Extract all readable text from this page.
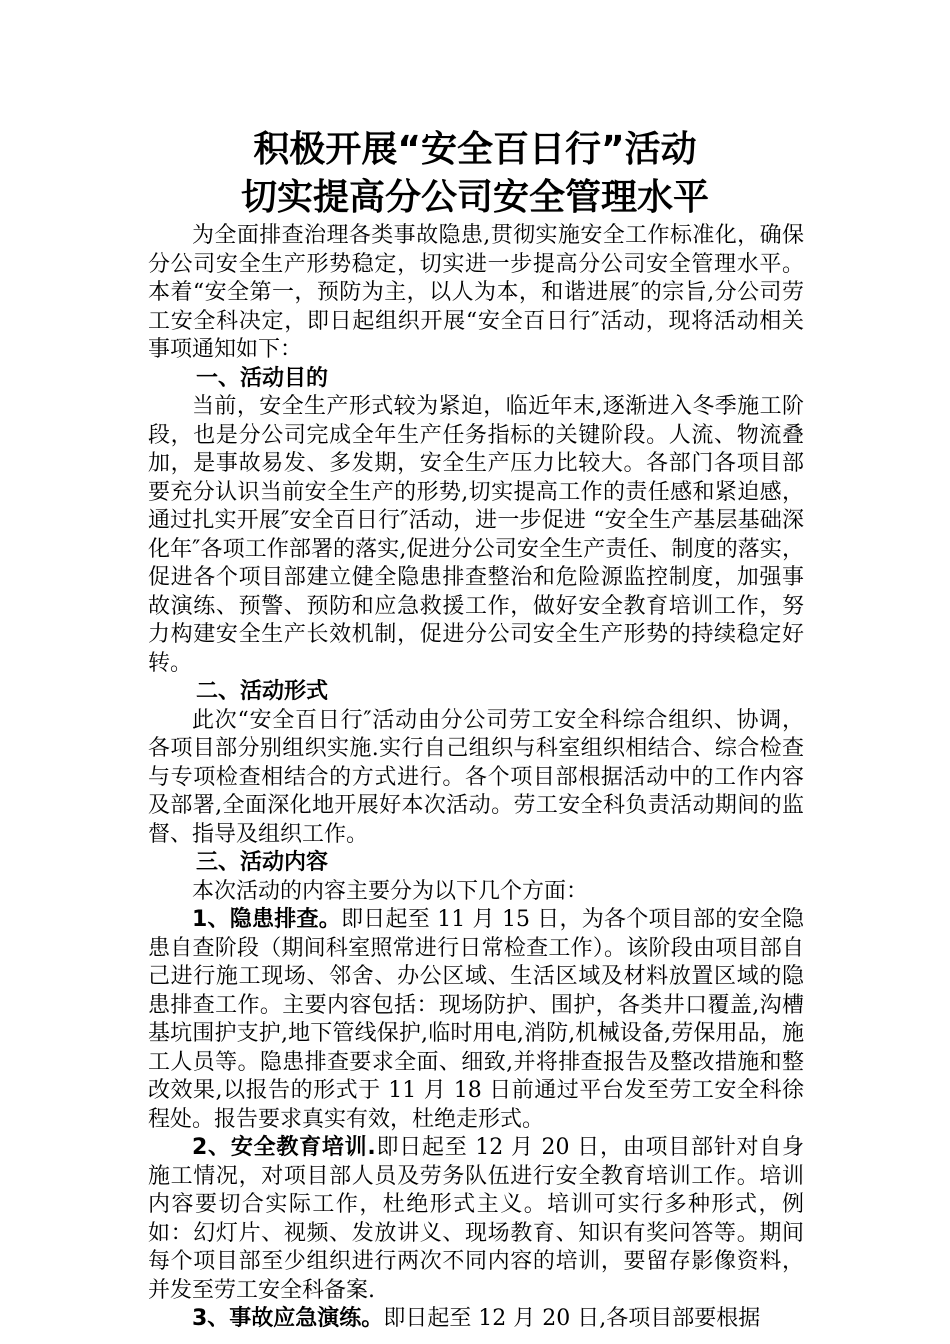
积极开展“安全百日行”活动
切实提高分公司安全管理水平

为全面排查治理各类事故隐患,贯彻实施安全工作标准化，确保分公司安全生产形势稳定，切实进一步提高分公司安全管理水平。本着“安全第一，预防为主，以人为本，和谐进展″的宗旨,分公司劳工安全科决定，即日起组织开展“安全百日行″活动，现将活动相关事项通知如下：

一、活动目的

当前，安全生产形式较为紧迫，临近年末,逐渐进入冬季施工阶段，也是分公司完成全年生产任务指标的关键阶段。人流、物流叠加，是事故易发、多发期，安全生产压力比较大。各部门各项目部要充分认识当前安全生产的形势,切实提高工作的责任感和紧迫感，通过扎实开展″安全百日行″活动，进一步促进 “安全生产基层基础深化年″各项工作部署的落实,促进分公司安全生产责任、制度的落实，促进各个项目部建立健全隐患排查整治和危险源监控制度，加强事故演练、预警、预防和应急救援工作，做好安全教育培训工作，努力构建安全生产长效机制，促进分公司安全生产形势的持续稳定好转。

二、活动形式

此次“安全百日行″活动由分公司劳工安全科综合组织、协调，各项目部分别组织实施.实行自己组织与科室组织相结合、综合检查与专项检查相结合的方式进行。各个项目部根据活动中的工作内容及部署,全面深化地开展好本次活动。劳工安全科负责活动期间的监督、指导及组织工作。

三、活动内容

本次活动的内容主要分为以下几个方面：

1、隐患排查。即日起至 11 月 15 日，为各个项目部的安全隐患自查阶段（期间科室照常进行日常检查工作）。该阶段由项目部自己进行施工现场、邻舍、办公区域、生活区域及材料放置区域的隐患排查工作。主要内容包括：现场防护、围护，各类井口覆盖,沟槽基坑围护支护,地下管线保护,临时用电,消防,机械设备,劳保用品，施工人员等。隐患排查要求全面、细致,并将排查报告及整改措施和整改效果,以报告的形式于 11 月 18 日前通过平台发至劳工安全科徐程处。报告要求真实有效，杜绝走形式。

2、安全教育培训.即日起至 12 月 20 日，由项目部针对自身施工情况，对项目部人员及劳务队伍进行安全教育培训工作。培训内容要切合实际工作，杜绝形式主义。培训可实行多种形式，例如：幻灯片、视频、发放讲义、现场教育、知识有奖问答等。期间每个项目部至少组织进行两次不同内容的培训，要留存影像资料，并发至劳工安全科备案.

3、事故应急演练。即日起至 12 月 20 日,各项目部要根据
